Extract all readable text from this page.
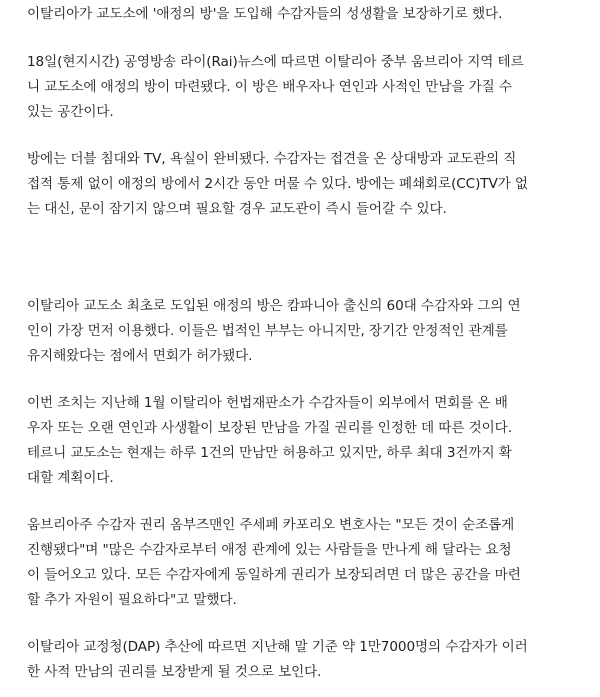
이탈리아가 교도소에 '애정의 방'을 도입해 수감자들의 성생활을 보장하기로 했다.

18일(현지시간) 공영방송 라이(Rai)뉴스에 따르면 이탈리아 중부 움브리아 지역 테르
니 교도소에 애정의 방이 마련됐다. 이 방은 배우자나 연인과 사적인 만남을 가질 수
있는 공간이다.

방에는 더블 침대와 TV, 욕실이 완비됐다. 수감자는 접견을 온 상대방과 교도관의 직
접적 통제 없이 애정의 방에서 2시간 동안 머물 수 있다. 방에는 폐쇄회로(CC)TV가 없
는 대신, 문이 잠기지 않으며 필요할 경우 교도관이 즉시 들어갈 수 있다.

이탈리아 교도소 최초로 도입된 애정의 방은 캄파니아 출신의 60대 수감자와 그의 연
인이 가장 먼저 이용했다. 이들은 법적인 부부는 아니지만, 장기간 안정적인 관계를
유지해왔다는 점에서 면회가 허가됐다.

이번 조치는 지난해 1월 이탈리아 헌법재판소가 수감자들이 외부에서 면회를 온 배
우자 또는 오랜 연인과 사생활이 보장된 만남을 가질 권리를 인정한 데 따른 것이다.
테르니 교도소는 현재는 하루 1건의 만남만 허용하고 있지만, 하루 최대 3건까지 확
대할 계획이다.

움브리아주 수감자 권리 옴부즈맨인 주세페 카포리오 변호사는 "모든 것이 순조롭게
진행됐다"며 "많은 수감자로부터 애정 관계에 있는 사람들을 만나게 해 달라는 요청
이 들어오고 있다. 모든 수감자에게 동일하게 권리가 보장되려면 더 많은 공간을 마련
할 추가 자원이 필요하다"고 말했다.

이탈리아 교정청(DAP) 추산에 따르면 지난해 말 기준 약 1만7000명의 수감자가 이러
한 사적 만남의 권리를 보장받게 될 것으로 보인다.
